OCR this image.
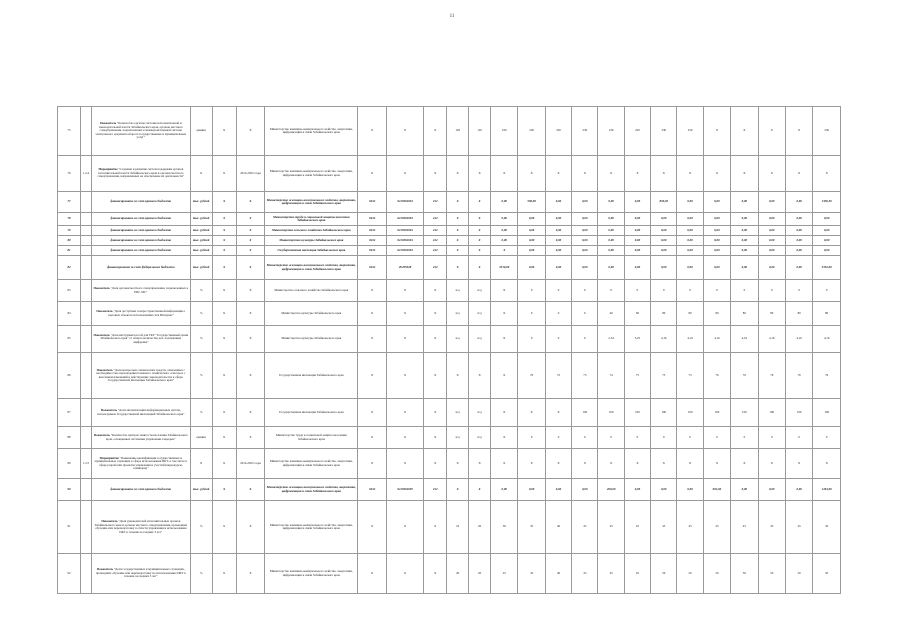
11
75		Показатель "Количество органов системы исполнительной и законодательной власти Забайкальского края, органов местного самоуправления, подключенных к межведомственной системе электронного документооборота государственных и муниципальных услуг"	единиц	Х	Х	Министерство жилищно-коммунального хозйства, энергетики, цифровизации и связи Забайкальского края	Х	Х	Х	120	110	220	220	230	230	230	220	230	230	Х	Х	Х	Х	230
76	1.2.4	Мероприятие "Создание и развитие систем поддержки органов исполнительной власти Забайкальского края и органов местного самоуправления, направленных на обеспечение их деятельности"	Х	Х	2014-2025 годы	Министерство жилищно-коммунального хозйства, энергетики, цифровизации и связи Забайкальского края	Х	Х	Х	Х	Х	Х	Х	Х	Х	Х	Х	Х	Х	Х	Х	Х	Х	Х
77		финансирование за счет краевого бюджета	тыс. рублей	Х	Х	Министерство жилищно-коммунального хозйства, энергетики, цифровизации и связи Забайкальского края	0434	0410304904	242	Х	Х	0,00	500,00	0,00	0,00	0,00	0,00	830,30	0,00	0,00	0,00	0,00	0,00	1330,30
78		финансирование за счет краевого бюджета	тыс. рублей	Х	Х	Министерство труда и социальной защиты населения Забайкальского края	0434	0410304904	242	Х	Х	0,00	0,00	0,00	0,00	0,00	0,00	0,00	0,00	0,00	0,00	0,00	0,00	0,00
79		финансирование за счет краевого бюджета	тыс. рублей	Х	Х	Министерство сельского хозяйства Забайкальского края	0434	0410304904	242	Х	Х	0,00	0,00	0,00	0,00	0,00	0,00	0,00	0,00	0,00	0,00	0,00	0,00	0,00
80		финансирование за счет краевого бюджета	тыс. рублей	Х	Х	Министерство культуры Забайкальского края	0434	0410304904	242	Х	Х	0,00	0,00	0,00	0,00	0,00	0,00	0,00	0,00	0,00	0,00	0,00	0,00	0,00
81		финансирование за счет краевого бюджета	тыс. рублей	Х	Х	Государственная инспекция Забайкальского края	0434	0410304904	242	Х	Х	Х	0,00	0,00	0,00	0,00	0,00	0,00	0,00	0,00	0,00	0,00	0,00	0,00
82		финансирование за счет федерального бюджета	тыс. рублей	Х	Х	Министерство жилищно-коммунального хозйства, энергетики, цифровизации и связи Забайкальского края	0434	20455028	242	Х	Х	2310,00	0,00	0,00	0,00	0,00	0,00	0,00	0,00	0,00	0,00	0,00	0,00	2310,00
83		Показатель "Доля органов местного самоуправления, подключенных к ЕИС МС"	%	Х	Х	Министерство сельского хозяйства Забайкальского края	Х	Х	Х	н/д	н/д	Х	0	0	0	0	0	0	0	0	0	0	0	0
84		Показатель "Доля доступных геопространственной информации о торговых объектах использования сети Интернет"	%	Х	Х	Министерство культуры Забайкальского края	Х	Х	Х	н/д	н/д	Х	0	0	0	40	60	80	80	80	80	80	80	80
85		Показатель "Доля инструментов гой для ГКУ "Государственный архив Забайкальского края" от общего количества дел, подлежащих оцифровке"	%	Х	Х	Министерство культуры Забайкальского края	Х	Х	Х	н/д	н/д	Х	0	0	0	2,54	3,25	4,16	4,16	4,16	4,16	4,16	4,16	4,16
86		Показатель "Доля контрольно-технических средств, охваченных с необходимостью прохождения планового технического осмотра и с внесением изменений в действующие законодательства в сфере Государственной инспекции Забайкальского края"	%	Х	Х	Государственная инспекция Забайкальского края	Х	Х	Х	Х	Х	Х	70	72	73	74	75	75	75	76	76	76	76	76
87		Показатель "Доля автоматизации информационных систем, используемых Государственной инспекцией Забайкальского края"	%	Х	Х	Государственная инспекция Забайкальского края	Х	Х	Х	н/д	н/д	Х	Х	Х	100	100	100	100	100	100	100	100	100	100
88		Показатель "Количество центров занятости населения Забайкальского края, оснащенных системами управления очередью"	единиц	Х	Х	Министерство труда и социальной защиты населения Забайкальского края	Х	Х	Х	н/д	н/д	Х	0	0	0	0	0	0	0	0	0	0	0	0
89	1.2.5	Мероприятие "Повышение квалификации государственных и муниципальных служащих в сфере использования ИКТ, в том числе в сфере разработки проектов управления и участий (видеокурсы, семинары)"	Х	Х	2014-2025 годы	Министерство жилищно-коммунального хозйства, энергетики, цифровизации и связи Забайкальского края	Х	Х	Х	Х	Х	Х	Х	Х	Х	Х	Х	Х	Х	Х	Х	Х	Х	Х
90		финансирование за счет краевого бюджета	тыс. рублей	Х	Х	Министерство жилищно-коммунального хозйства, энергетики, цифровизации и связи Забайкальского края	0434	0410304905	242	Х	Х	0,00	0,00	0,00	0,00	400,00	0,00	0,00	0,00	904,90	0,00	0,00	0,00	1264,90
91		Показатель "Доля руководителей исполнительных органов Забайкальского края и органов местного самоуправления, прошедших обучение или переподготовку в области управления и использования ИКТ в течение последних 3 лет"	%	Х	Х	Министерство жилищно-коммунального хозйства, энергетики, цифровизации и связи Забайкальского края	Х	Х	Х	10	20	30	35	40	45	45	45	45	45	45	45	45	45	45
92		Показатель "Доля государственных и муниципальных служащих, прошедших обучение или переподготовку по использованию ИКТ в течение последних 3 лет"	%	Х	Х	Министерство жилищно-коммунального хозйства, энергетики, цифровизации и связи Забайкальского края	Х	Х	Х	20	20	25	35	40	45	45	45	50	50	50	50	50	50	50
